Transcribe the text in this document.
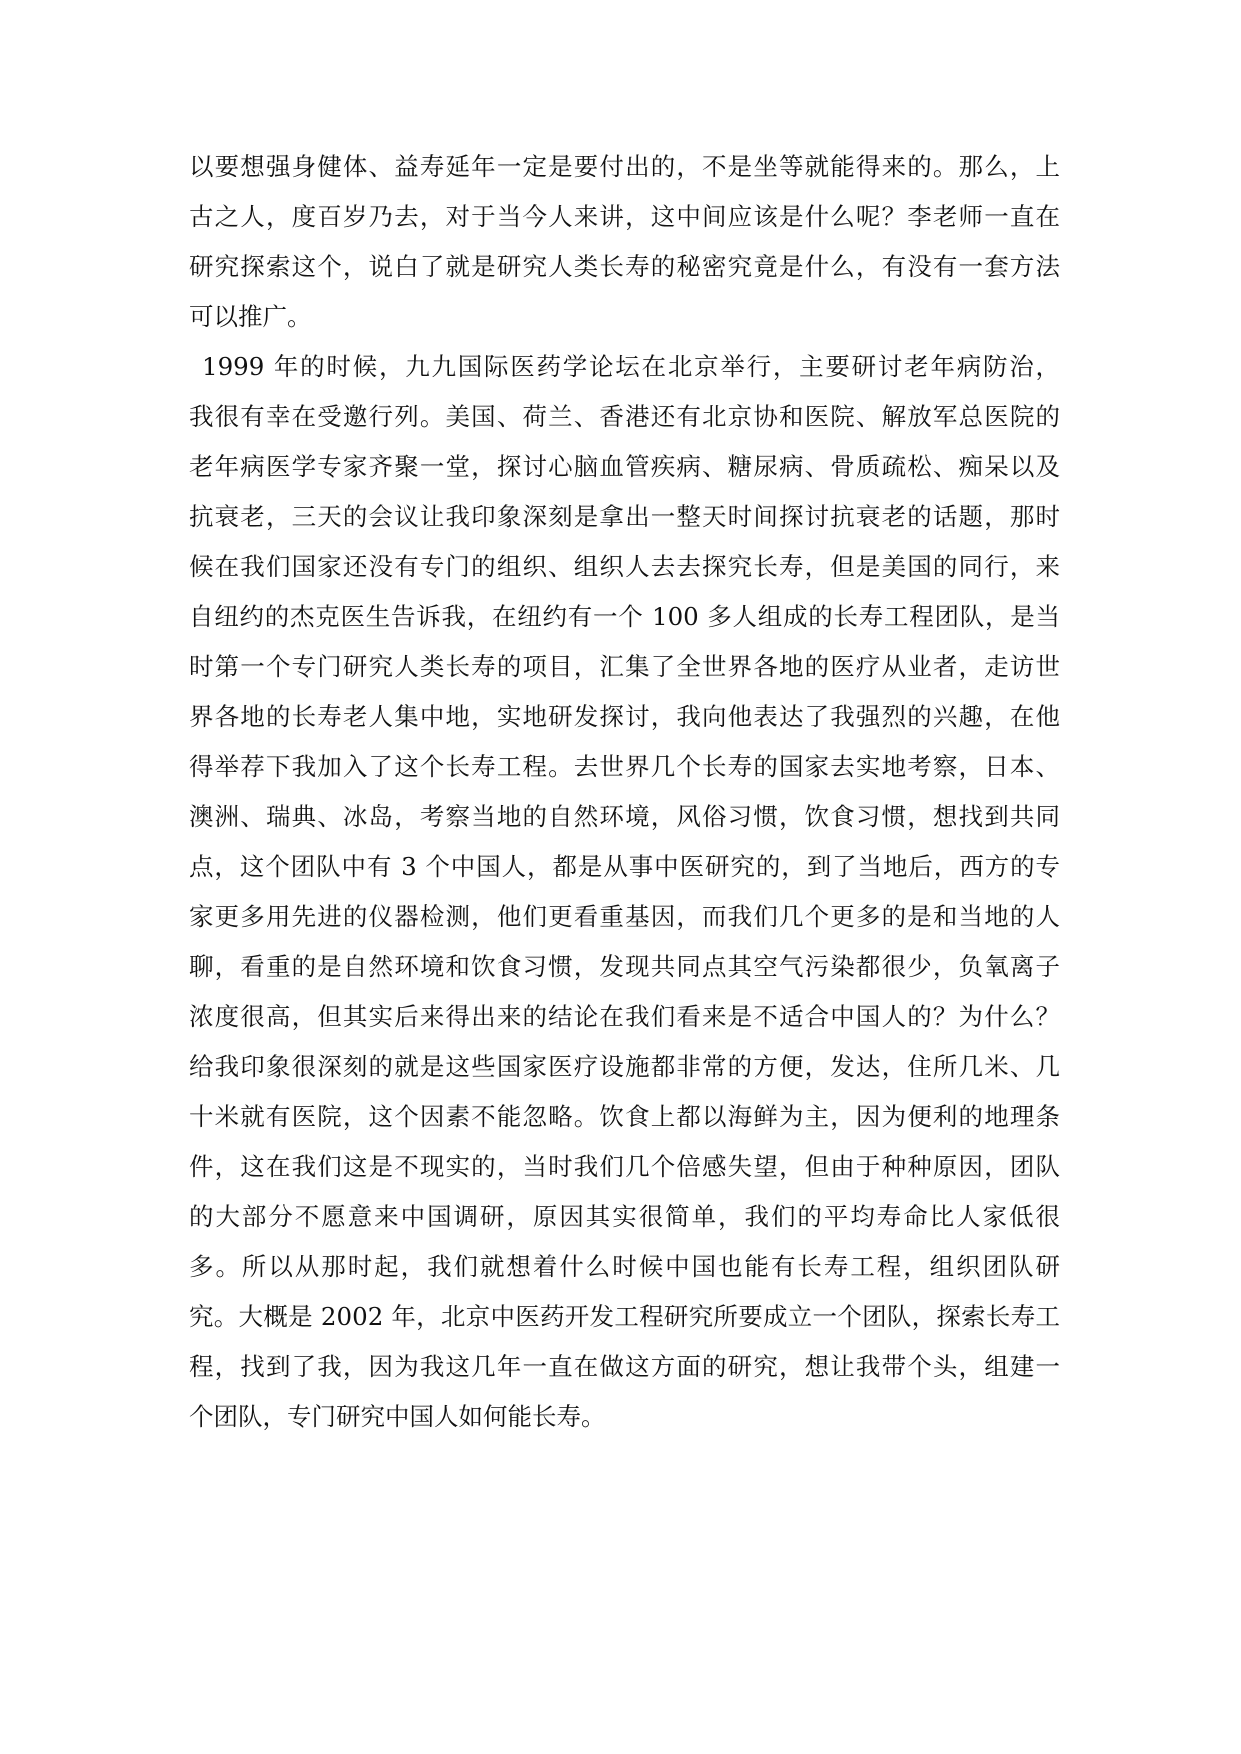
以要想强身健体、益寿延年一定是要付出的，不是坐等就能得来的。那么，上
古之人，度百岁乃去，对于当今人来讲，这中间应该是什么呢？李老师一直在
研究探索这个，说白了就是研究人类长寿的秘密究竟是什么，有没有一套方法
可以推广。
1999 年的时候，九九国际医药学论坛在北京举行，主要研讨老年病防治，
我很有幸在受邀行列。美国、荷兰、香港还有北京协和医院、解放军总医院的
老年病医学专家齐聚一堂，探讨心脑血管疾病、糖尿病、骨质疏松、痴呆以及
抗衰老，三天的会议让我印象深刻是拿出一整天时间探讨抗衰老的话题，那时
候在我们国家还没有专门的组织、组织人去去探究长寿，但是美国的同行，来
自纽约的杰克医生告诉我，在纽约有一个 100 多人组成的长寿工程团队，是当
时第一个专门研究人类长寿的项目，汇集了全世界各地的医疗从业者，走访世
界各地的长寿老人集中地，实地研发探讨，我向他表达了我强烈的兴趣，在他
得举荐下我加入了这个长寿工程。去世界几个长寿的国家去实地考察，日本、
澳洲、瑞典、冰岛，考察当地的自然环境，风俗习惯，饮食习惯，想找到共同
点，这个团队中有 3 个中国人，都是从事中医研究的，到了当地后，西方的专
家更多用先进的仪器检测，他们更看重基因，而我们几个更多的是和当地的人
聊，看重的是自然环境和饮食习惯，发现共同点其空气污染都很少，负氧离子
浓度很高，但其实后来得出来的结论在我们看来是不适合中国人的？为什么？
给我印象很深刻的就是这些国家医疗设施都非常的方便，发达，住所几米、几
十米就有医院，这个因素不能忽略。饮食上都以海鲜为主，因为便利的地理条
件，这在我们这是不现实的，当时我们几个倍感失望，但由于种种原因，团队
的大部分不愿意来中国调研，原因其实很简单，我们的平均寿命比人家低很
多。所以从那时起，我们就想着什么时候中国也能有长寿工程，组织团队研
究。大概是 2002 年，北京中医药开发工程研究所要成立一个团队，探索长寿工
程，找到了我，因为我这几年一直在做这方面的研究，想让我带个头，组建一
个团队，专门研究中国人如何能长寿。
